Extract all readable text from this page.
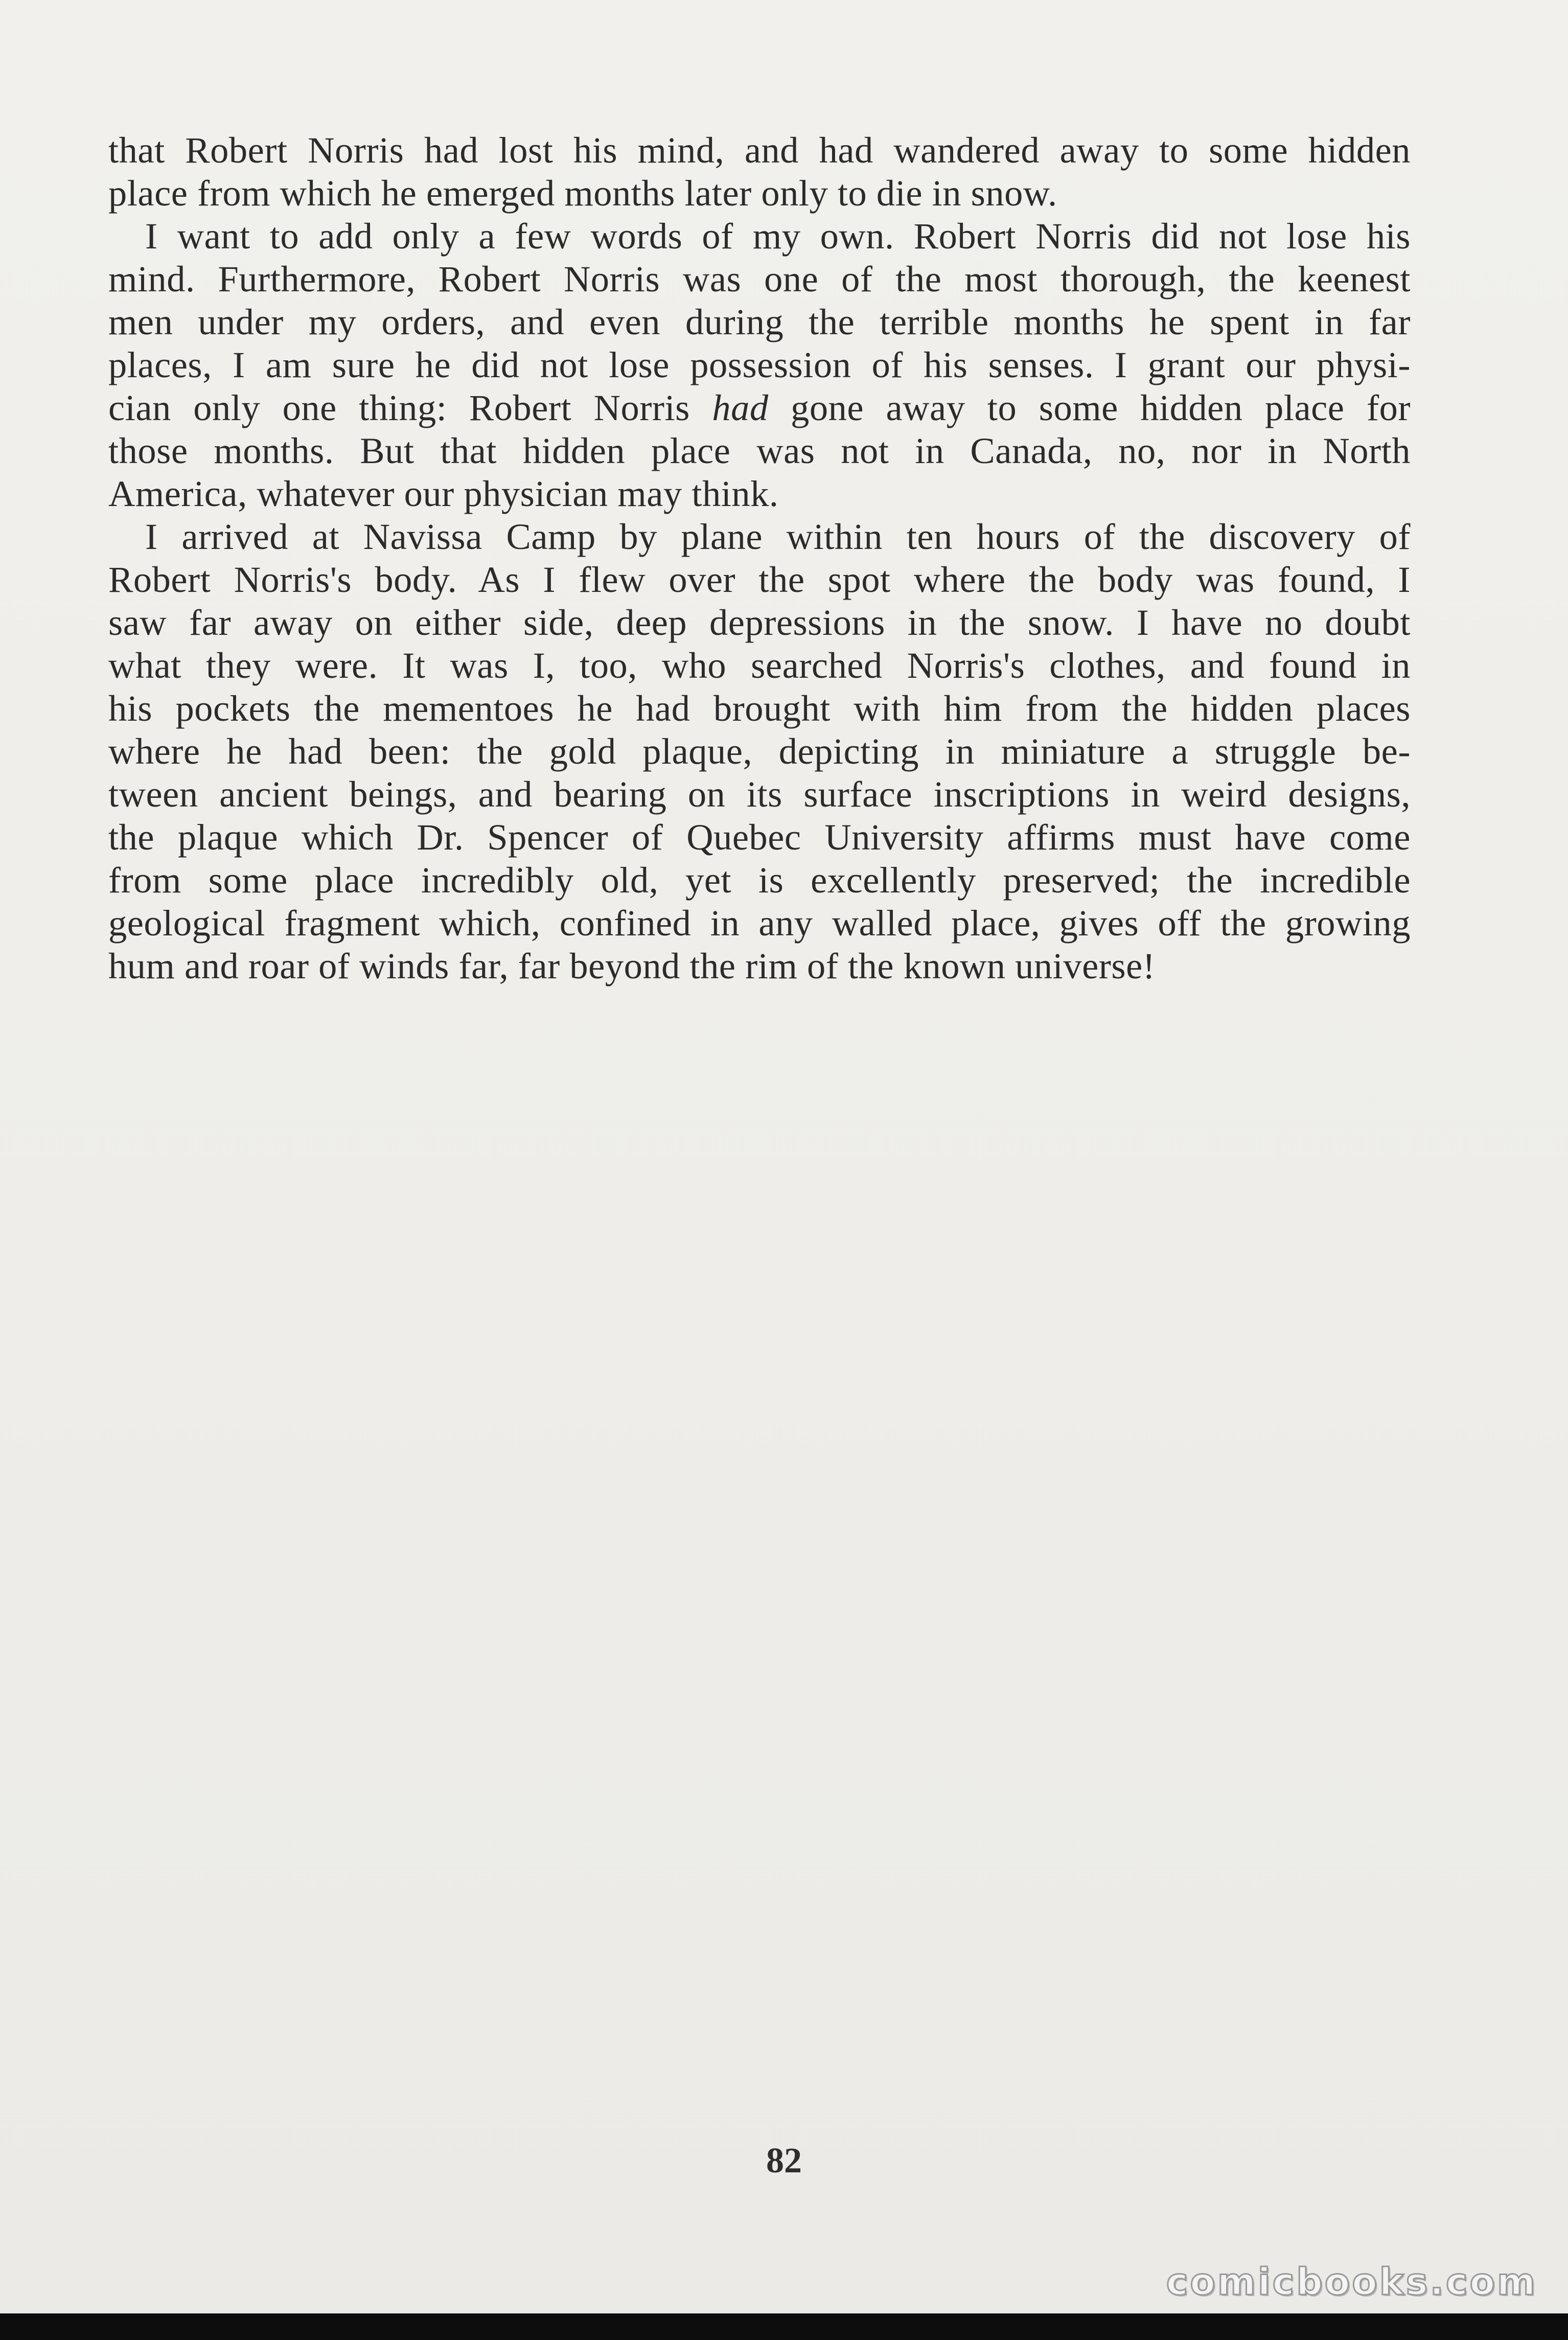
that Robert Norris had lost his mind, and had wandered away to some hidden
place from which he emerged months later only to die in snow.
I want to add only a few words of my own. Robert Norris did not lose his
mind. Furthermore, Robert Norris was one of the most thorough, the keenest
men under my orders, and even during the terrible months he spent in far
places, I am sure he did not lose possession of his senses. I grant our physi-
cian only one thing: Robert Norris had gone away to some hidden place for
those months. But that hidden place was not in Canada, no, nor in North
America, whatever our physician may think.
I arrived at Navissa Camp by plane within ten hours of the discovery of
Robert Norris's body. As I flew over the spot where the body was found, I
saw far away on either side, deep depressions in the snow. I have no doubt
what they were. It was I, too, who searched Norris's clothes, and found in
his pockets the mementoes he had brought with him from the hidden places
where he had been: the gold plaque, depicting in miniature a struggle be-
tween ancient beings, and bearing on its surface inscriptions in weird designs,
the plaque which Dr. Spencer of Quebec University affirms must have come
from some place incredibly old, yet is excellently preserved; the incredible
geological fragment which, confined in any walled place, gives off the growing
hum and roar of winds far, far beyond the rim of the known universe!
82
comicbooks.com
